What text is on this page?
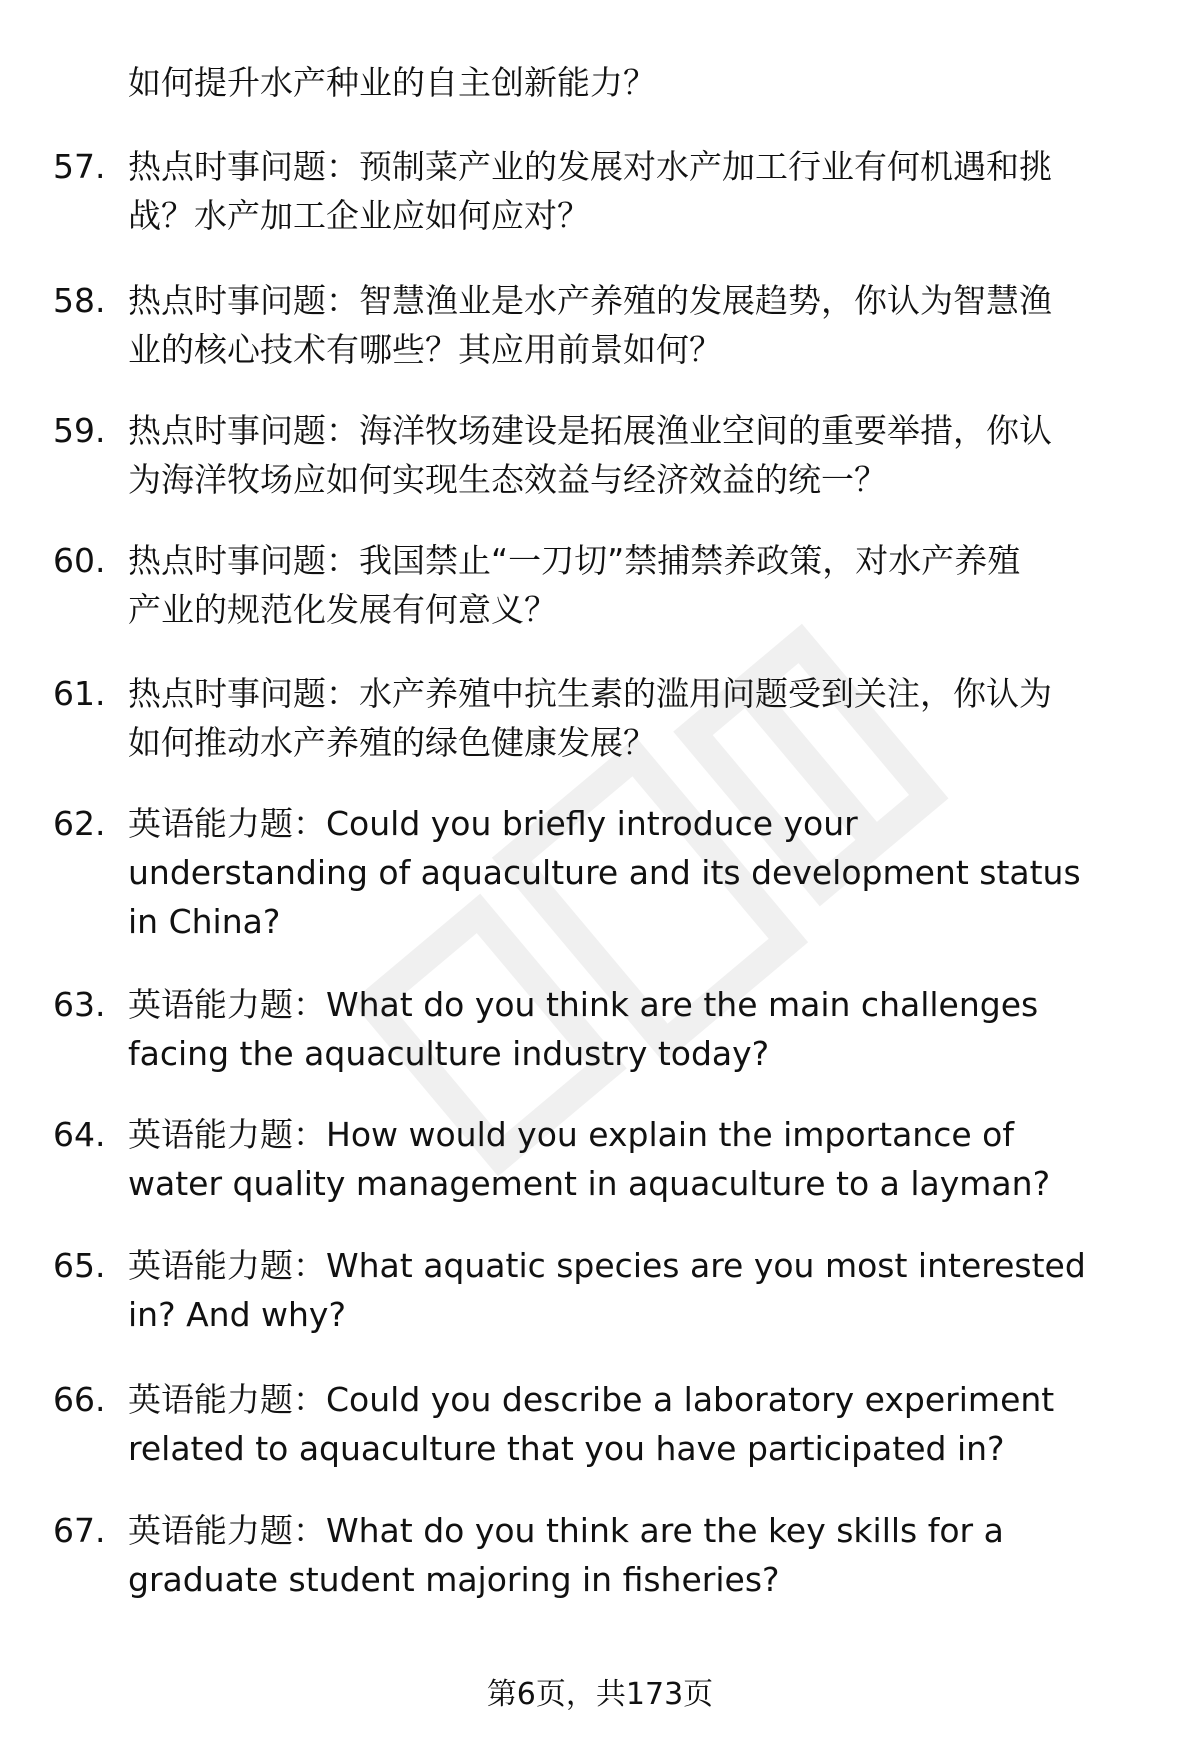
如何提升水产种业的自主创新能力？
57. 热点时事问题：预制菜产业的发展对水产加工行业有何机遇和挑
战？水产加工企业应如何应对？
58. 热点时事问题：智慧渔业是水产养殖的发展趋势，你认为智慧渔
业的核心技术有哪些？其应用前景如何？
59. 热点时事问题：海洋牧场建设是拓展渔业空间的重要举措，你认
为海洋牧场应如何实现生态效益与经济效益的统一？
60. 热点时事问题：我国禁止“一刀切”禁捕禁养政策，对水产养殖
产业的规范化发展有何意义？
61. 热点时事问题：水产养殖中抗生素的滥用问题受到关注，你认为
如何推动水产养殖的绿色健康发展？
62. 英语能力题：Could you briefly introduce your
understanding of aquaculture and its development status
in China?
63. 英语能力题：What do you think are the main challenges
facing the aquaculture industry today?
64. 英语能力题：How would you explain the importance of
water quality management in aquaculture to a layman?
65. 英语能力题：What aquatic species are you most interested
in? And why?
66. 英语能力题：Could you describe a laboratory experiment
related to aquaculture that you have participated in?
67. 英语能力题：What do you think are the key skills for a
graduate student majoring in fisheries?
第6页，共173页
